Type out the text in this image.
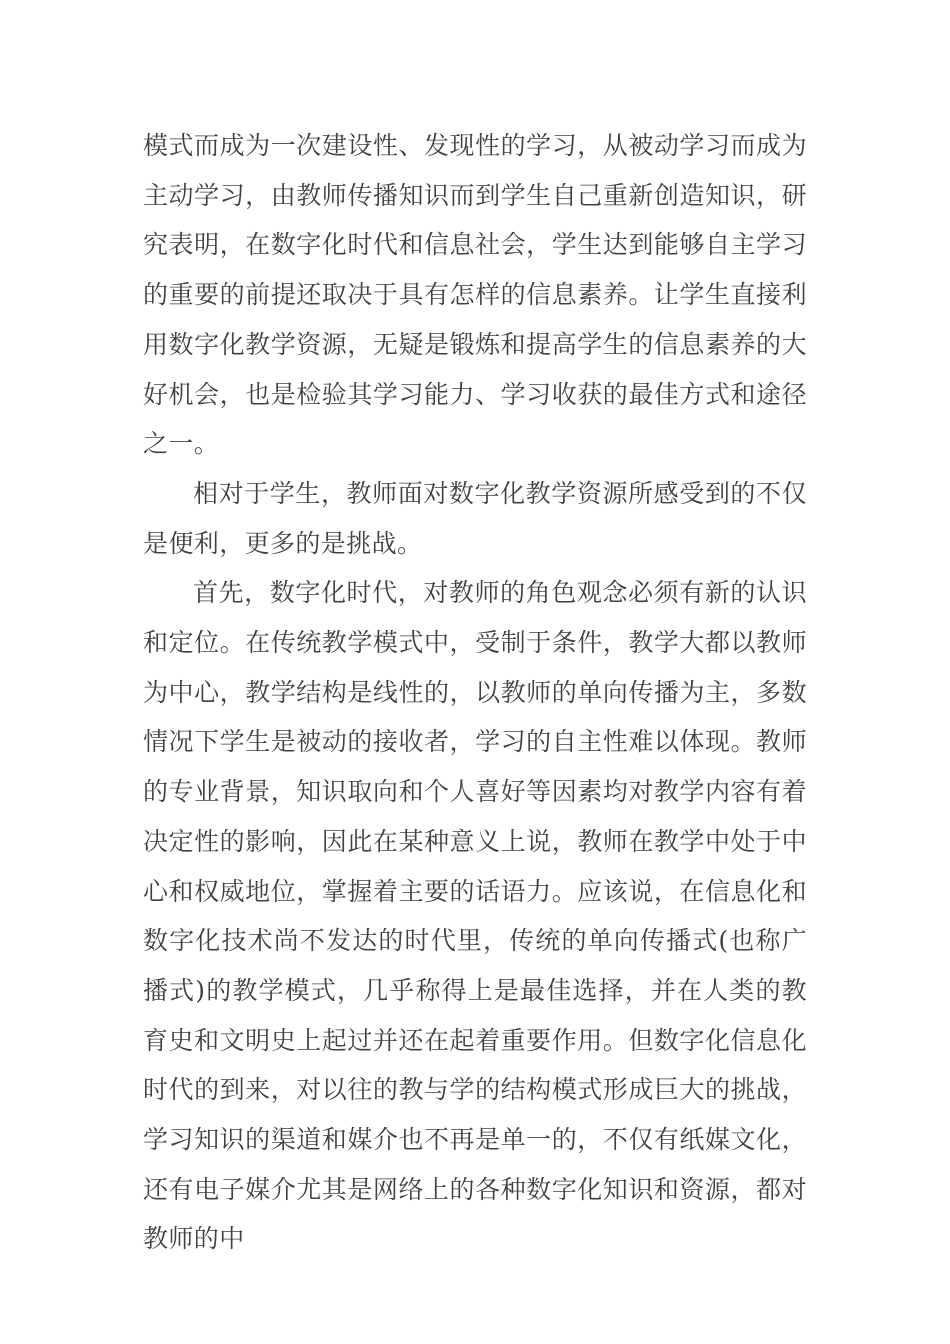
模式而成为一次建设性、发现性的学习，从被动学习而成为主动学习，由教师传播知识而到学生自己重新创造知识，研究表明，在数字化时代和信息社会，学生达到能够自主学习的重要的前提还取决于具有怎样的信息素养。让学生直接利用数字化教学资源，无疑是锻炼和提高学生的信息素养的大好机会，也是检验其学习能力、学习收获的最佳方式和途径之一。

相对于学生，教师面对数字化教学资源所感受到的不仅是便利，更多的是挑战。

首先，数字化时代，对教师的角色观念必须有新的认识和定位。在传统教学模式中，受制于条件，教学大都以教师为中心，教学结构是线性的，以教师的单向传播为主，多数情况下学生是被动的接收者，学习的自主性难以体现。教师的专业背景，知识取向和个人喜好等因素均对教学内容有着决定性的影响，因此在某种意义上说，教师在教学中处于中心和权威地位，掌握着主要的话语力。应该说，在信息化和数字化技术尚不发达的时代里，传统的单向传播式(也称广播式)的教学模式，几乎称得上是最佳选择，并在人类的教育史和文明史上起过并还在起着重要作用。但数字化信息化时代的到来，对以往的教与学的结构模式形成巨大的挑战，学习知识的渠道和媒介也不再是单一的，不仅有纸媒文化，还有电子媒介尤其是网络上的各种数字化知识和资源，都对教师的中
